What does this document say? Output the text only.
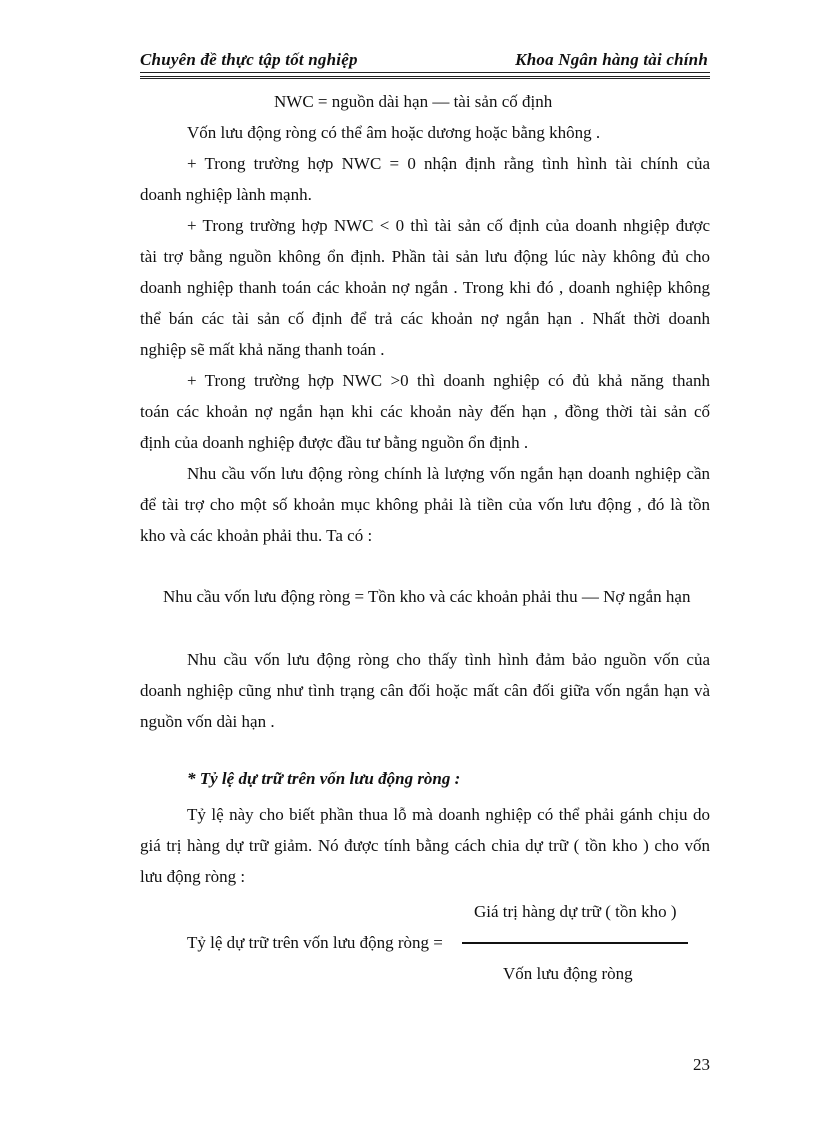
Chuyên đề thực tập tốt nghiệp	Khoa Ngân hàng tài chính
NWC = nguồn dài hạn — tài sản cố định
Vốn lưu động ròng có thể âm hoặc dương hoặc bằng không .
+ Trong trường hợp NWC = 0 nhận định rằng tình hình tài chính của
doanh nghiệp lành mạnh.
+ Trong trường hợp NWC < 0 thì tài sản cố định của doanh nhgiệp được
tài trợ bằng nguồn không ổn định. Phần tài sản lưu động lúc này không đủ cho
doanh nghiệp thanh toán các khoản nợ ngắn . Trong khi đó , doanh nghiệp không
thể bán các tài sản cố định để trả các khoản nợ ngắn hạn . Nhất thời doanh
nghiệp sẽ mất khả năng thanh toán .
+ Trong trường hợp NWC >0 thì doanh nghiệp có đủ khả năng thanh
toán các khoản nợ ngắn hạn khi các khoản này đến hạn , đồng thời tài sản cố
định của doanh nghiệp được đầu tư bằng nguồn ổn định .
Nhu cầu vốn lưu động ròng chính là lượng vốn ngắn hạn doanh nghiệp cần
để tài trợ cho một số khoản mục không phải là tiền của vốn lưu động , đó là tồn
kho và các khoản phải thu. Ta có :
Nhu cầu vốn lưu động ròng = Tồn kho và các khoản phải thu — Nợ ngắn hạn
Nhu cầu vốn lưu động ròng cho thấy tình hình đảm bảo nguồn vốn của
doanh nghiệp cũng như tình trạng cân đối hoặc mất cân đối giữa vốn ngắn hạn và
nguồn vốn dài hạn .
* Tỷ lệ dự trữ trên vốn lưu động ròng :
Tỷ lệ này cho biết phần thua lỗ mà doanh nghiệp có thể phải gánh chịu do
giá trị hàng dự trữ giảm. Nó được tính bằng cách chia dự trữ ( tồn kho ) cho vốn
lưu động ròng :
Giá trị hàng dự trữ ( tồn kho )
Tỷ lệ dự trữ trên vốn lưu động ròng =
Vốn lưu động ròng
23
